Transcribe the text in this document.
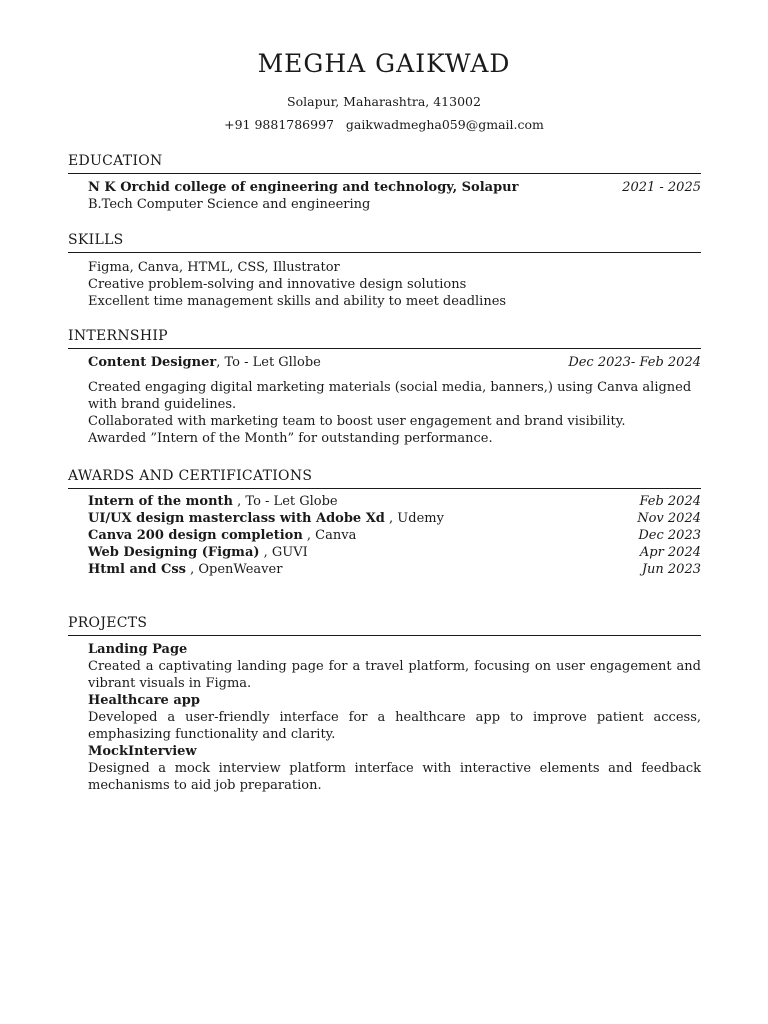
MEGHA GAIKWAD
Solapur, Maharashtra, 413002
+91 9881786997 gaikwadmegha059@gmail.com
EDUCATION
N K Orchid college of engineering and technology, Solapur	2021 - 2025
B.Tech Computer Science and engineering
SKILLS
Figma, Canva, HTML, CSS, Illustrator
Creative problem-solving and innovative design solutions
Excellent time management skills and ability to meet deadlines
INTERNSHIP
Content Designer, To - Let Gllobe	Dec 2023- Feb 2024
Created engaging digital marketing materials (social media, banners,) using Canva aligned with brand guidelines.
Collaborated with marketing team to boost user engagement and brand visibility.
Awarded ”Intern of the Month” for outstanding performance.
AWARDS AND CERTIFICATIONS
Intern of the month , To - Let Globe	Feb 2024
UI/UX design masterclass with Adobe Xd , Udemy	Nov 2024
Canva 200 design completion , Canva	Dec 2023
Web Designing (Figma) , GUVI	Apr 2024
Html and Css , OpenWeaver	Jun 2023
PROJECTS
Landing Page
Created a captivating landing page for a travel platform, focusing on user engagement and vibrant visuals in Figma.
Healthcare app
Developed a user-friendly interface for a healthcare app to improve patient access, emphasizing functionality and clarity.
MockInterview
Designed a mock interview platform interface with interactive elements and feedback mechanisms to aid job preparation.
